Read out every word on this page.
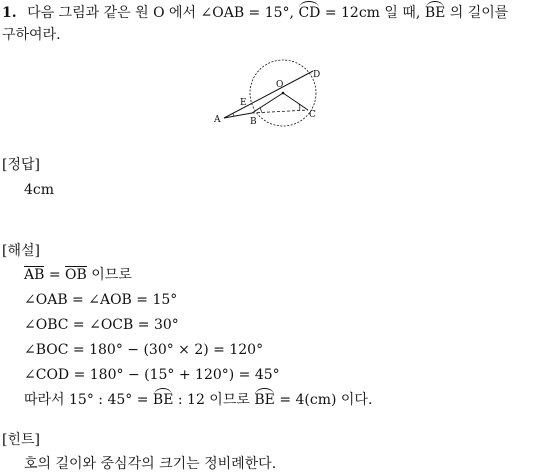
1. 다음 그림과 같은 원 O 에서 ∠OAB = 15°, CD = 12cm 일 때, BE 의 길이를
구하여라.
A	B
C
D
E
O
[정답]
4cm
[해설]
AB = OB 이므로
∠OAB = ∠AOB = 15°
∠OBC = ∠OCB = 30°
∠BOC = 180° − (30° × 2) = 120°
∠COD = 180° − (15° + 120°) = 45°
따라서 15° : 45° = BE : 12 이므로 BE = 4(cm) 이다.
[힌트]
호의 길이와 중심각의 크기는 정비례한다.
